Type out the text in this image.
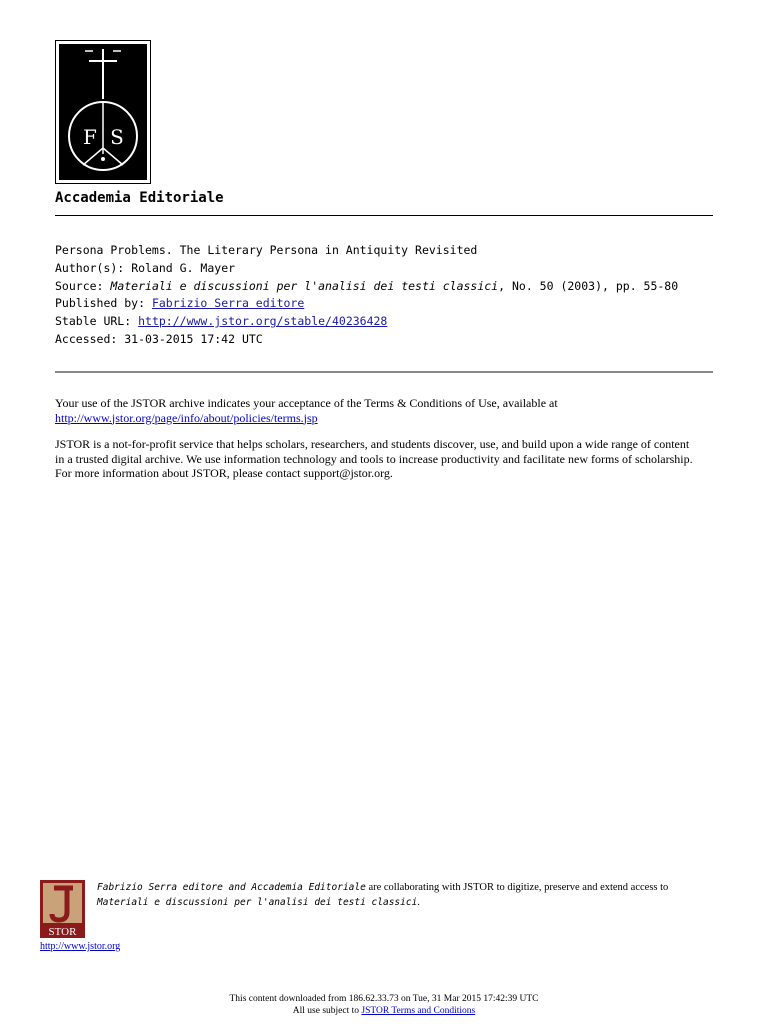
F S
Accademia Editoriale
Persona Problems. The Literary Persona in Antiquity Revisited
Author(s): Roland G. Mayer
Source: Materiali e discussioni per l'analisi dei testi classici, No. 50 (2003), pp. 55-80
Published by: Fabrizio Serra editore
Stable URL: http://www.jstor.org/stable/40236428
Accessed: 31-03-2015 17:42 UTC

Your use of the JSTOR archive indicates your acceptance of the Terms & Conditions of Use, available at
http://www.jstor.org/page/info/about/policies/terms.jsp

JSTOR is a not-for-profit service that helps scholars, researchers, and students discover, use, and build upon a wide range of content
in a trusted digital archive. We use information technology and tools to increase productivity and facilitate new forms of scholarship.
For more information about JSTOR, please contact support@jstor.org.

STOR
http://www.jstor.org
Fabrizio Serra editore and Accademia Editoriale are collaborating with JSTOR to digitize, preserve and extend access to
Materiali e discussioni per l'analisi dei testi classici.
This content downloaded from 186.62.33.73 on Tue, 31 Mar 2015 17:42:39 UTC
All use subject to JSTOR Terms and Conditions
